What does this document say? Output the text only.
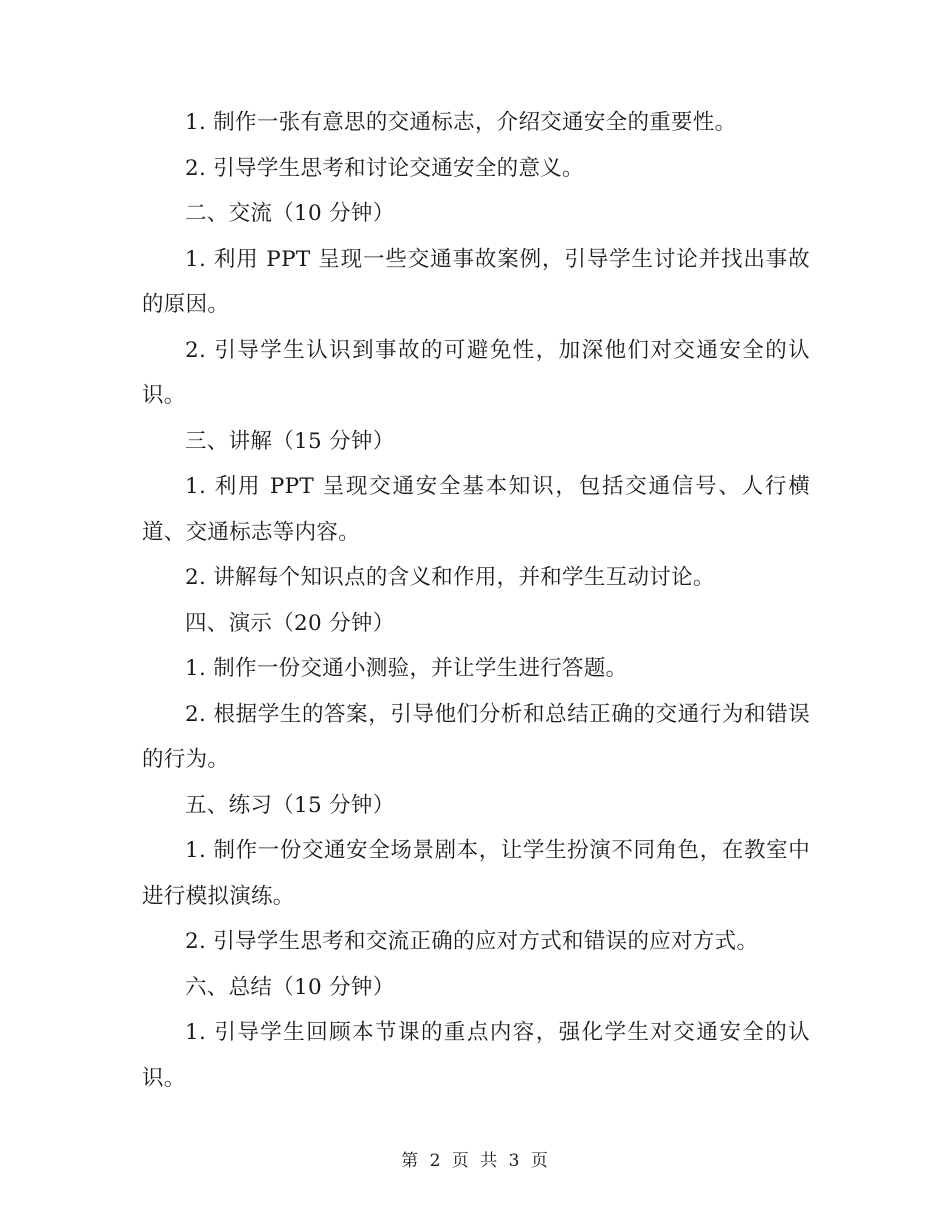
1. 制作一张有意思的交通标志，介绍交通安全的重要性。

2. 引导学生思考和讨论交通安全的意义。

二、交流（10 分钟）

1. 利用 PPT 呈现一些交通事故案例，引导学生讨论并找出事故的原因。

2. 引导学生认识到事故的可避免性，加深他们对交通安全的认识。

三、讲解（15 分钟）

1. 利用 PPT 呈现交通安全基本知识，包括交通信号、人行横道、交通标志等内容。

2. 讲解每个知识点的含义和作用，并和学生互动讨论。

四、演示（20 分钟）

1. 制作一份交通小测验，并让学生进行答题。

2. 根据学生的答案，引导他们分析和总结正确的交通行为和错误的行为。

五、练习（15 分钟）

1. 制作一份交通安全场景剧本，让学生扮演不同角色，在教室中进行模拟演练。

2. 引导学生思考和交流正确的应对方式和错误的应对方式。

六、总结（10 分钟）

1. 引导学生回顾本节课的重点内容，强化学生对交通安全的认识。

第 2 页 共 3 页
